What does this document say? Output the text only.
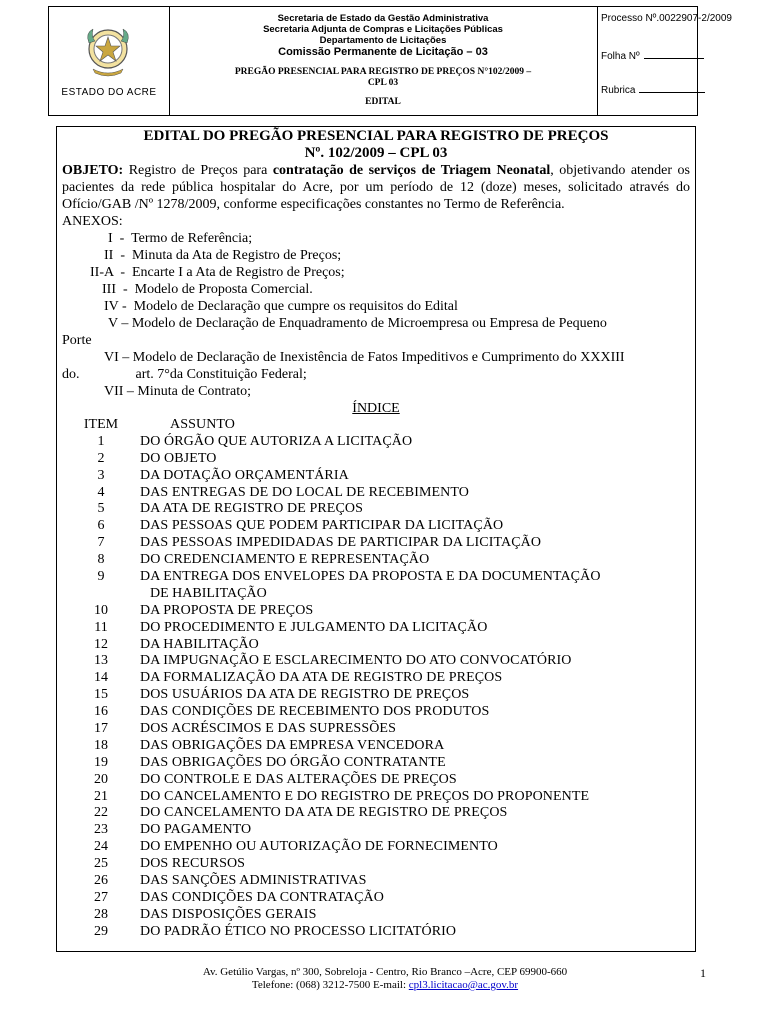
ESTADO DO ACRE
Secretaria de Estado da Gestão Administrativa
Secretaria Adjunta de Compras e Licitações Públicas
Departamento de Licitações
Comissão Permanente de Licitação – 03
PREGÃO PRESENCIAL PARA REGISTRO DE PREÇOS N°102/2009 –
CPL 03
EDITAL
Processo Nº.0022907-2/2009
Folha Nº
Rubrica
EDITAL DO PREGÃO PRESENCIAL PARA REGISTRO DE PREÇOS
Nº. 102/2009 – CPL 03
OBJETO: Registro de Preços para contratação de serviços de Triagem Neonatal, objetivando atender os pacientes da rede pública hospitalar do Acre, por um período de 12 (doze) meses, solicitado através do Ofício/GAB /Nº 1278/2009, conforme especificações constantes no Termo de Referência.
ANEXOS:
I  -  Termo de Referência;
II  -  Minuta da Ata de Registro de Preços;
II-A  -  Encarte I a Ata de Registro de Preços;
III  -  Modelo de Proposta Comercial.
IV -  Modelo de Declaração que cumpre os requisitos do Edital
V – Modelo de Declaração de Enquadramento de Microempresa ou Empresa de Pequeno
Porte
VI – Modelo de Declaração de Inexistência de Fatos Impeditivos e Cumprimento do XXXIII
do.                art. 7°da Constituição Federal;
VII – Minuta de Contrato;
ÍNDICE
ITEM	ASSUNTO
1	DO ÓRGÃO QUE AUTORIZA A LICITAÇÃO
2	DO OBJETO
3	DA DOTAÇÃO ORÇAMENTÁRIA
4	DAS ENTREGAS DE DO LOCAL DE RECEBIMENTO
5	DA ATA DE REGISTRO DE PREÇOS
6	DAS PESSOAS QUE PODEM PARTICIPAR DA LICITAÇÃO
7	DAS PESSOAS IMPEDIDADAS DE PARTICIPAR DA LICITAÇÃO
8	DO CREDENCIAMENTO E REPRESENTAÇÃO
9	DA ENTREGA DOS ENVELOPES DA PROPOSTA E DA DOCUMENTAÇÃO
DE HABILITAÇÃO
10	DA PROPOSTA DE PREÇOS
11	DO PROCEDIMENTO E JULGAMENTO DA LICITAÇÃO
12	DA HABILITAÇÃO
13	DA IMPUGNAÇÃO E ESCLARECIMENTO DO ATO CONVOCATÓRIO
14	DA FORMALIZAÇÃO DA ATA DE REGISTRO DE PREÇOS
15	DOS USUÁRIOS DA ATA DE REGISTRO DE PREÇOS
16	DAS CONDIÇÕES DE RECEBIMENTO DOS PRODUTOS
17	DOS ACRÉSCIMOS E DAS SUPRESSÕES
18	DAS OBRIGAÇÕES DA EMPRESA VENCEDORA
19	DAS OBRIGAÇÕES DO ÓRGÃO CONTRATANTE
20	DO CONTROLE E DAS ALTERAÇÕES DE PREÇOS
21	DO CANCELAMENTO E DO REGISTRO DE PREÇOS DO PROPONENTE
22	DO CANCELAMENTO DA ATA DE REGISTRO DE PREÇOS
23	DO PAGAMENTO
24	DO EMPENHO OU AUTORIZAÇÃO DE FORNECIMENTO
25	DOS RECURSOS
26	DAS SANÇÕES ADMINISTRATIVAS
27	DAS CONDIÇÕES DA CONTRATAÇÃO
28	DAS DISPOSIÇÕES GERAIS
29	DO PADRÃO ÉTICO NO PROCESSO LICITATÓRIO
Av. Getúlio Vargas, nº 300, Sobreloja - Centro, Rio Branco –Acre, CEP 69900-660
Telefone: (068) 3212-7500 E-mail: cpl3.licitacao@ac.gov.br
1
